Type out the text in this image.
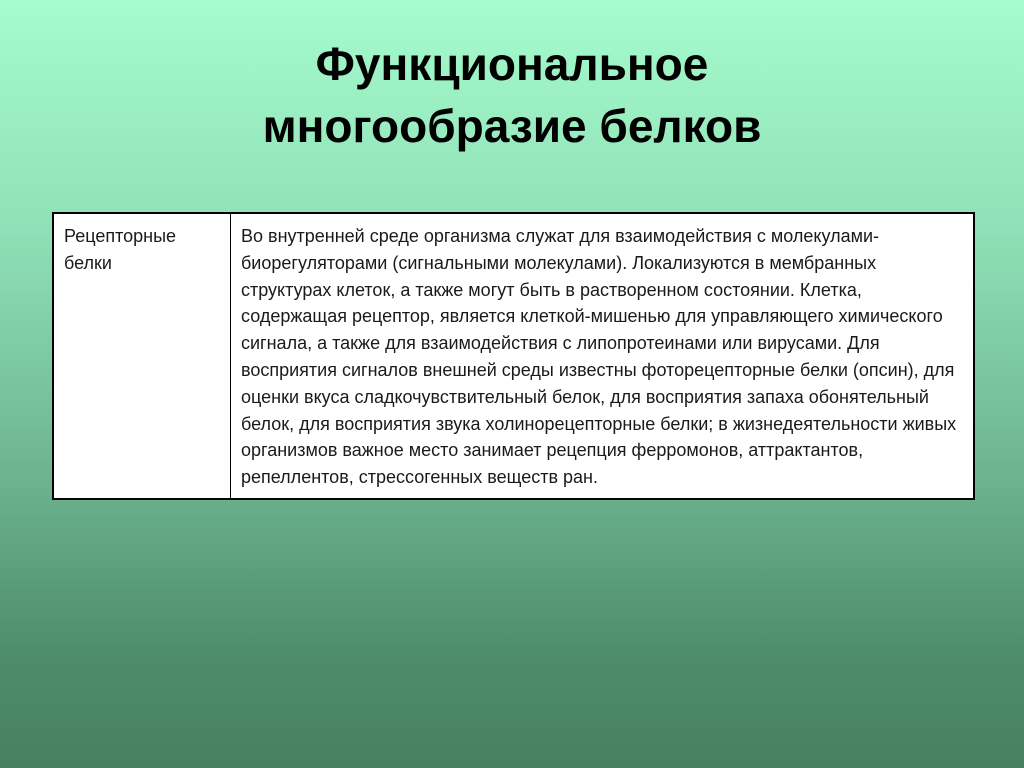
Функциональное
многообразие белков
Рецепторные белки	Во внутренней среде организма служат для взаимодействия с молекулами-биорегуляторами (сигнальными молекулами). Локализуются в мембранных структурах клеток, а также могут быть в растворенном состоянии. Клетка, содержащая рецептор, является клеткой-мишенью для управляющего химического сигнала, а также для взаимодействия с липопротеинами или вирусами. Для восприятия сигналов внешней среды известны фоторецепторные белки (опсин), для оценки вкуса сладкочувствительный белок, для восприятия запаха обонятельный белок, для восприятия звука холинорецепторные белки; в жизнедеятельности живых организмов важное место занимает рецепция ферромонов, аттрактантов, репеллентов, стрессогенных веществ ран.
